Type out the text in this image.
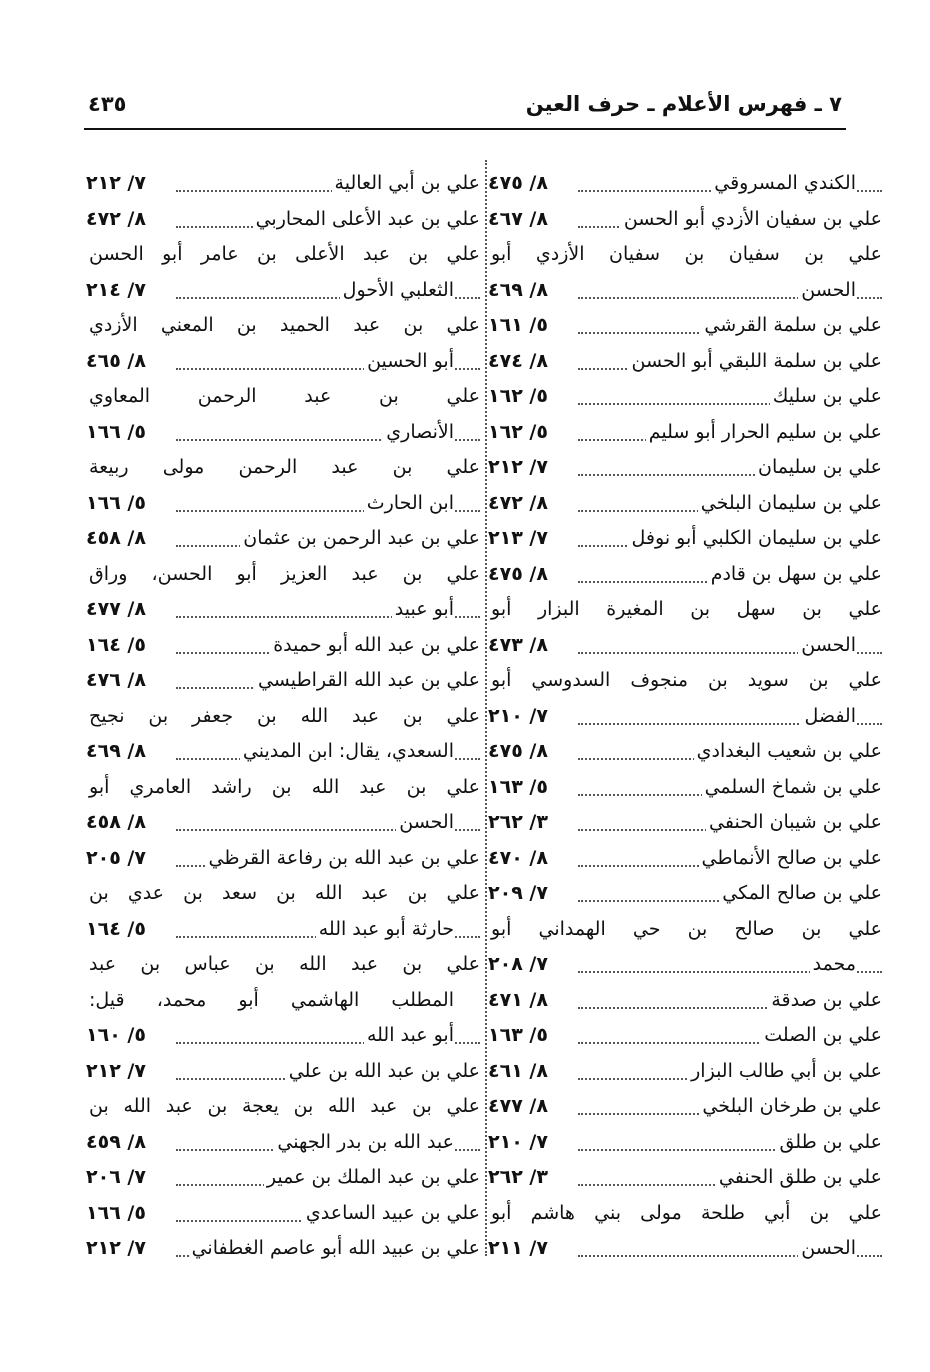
٧ ـ فهرس الأعلام ـ حرف العين
٤٣٥
الكندي المسروقي
٨/ ٤٧٥
علي بن سفيان الأزدي أبو الحسن
٨/ ٤٦٧
علي بن سفيان بن سفيان الأزدي أبو
الحسن
٨/ ٤٦٩
علي بن سلمة القرشي
٥/ ١٦١
علي بن سلمة اللبقي أبو الحسن
٨/ ٤٧٤
علي بن سليك
٥/ ١٦٢
علي بن سليم الحرار أبو سليم
٥/ ١٦٢
علي بن سليمان
٧/ ٢١٢
علي بن سليمان البلخي
٨/ ٤٧٢
علي بن سليمان الكلبي أبو نوفل
٧/ ٢١٣
علي بن سهل بن قادم
٨/ ٤٧٥
علي بن سهل بن المغيرة البزار أبو
الحسن
٨/ ٤٧٣
علي بن سويد بن منجوف السدوسي أبو
الفضل
٧/ ٢١٠
علي بن شعيب البغدادي
٨/ ٤٧٥
علي بن شماخ السلمي
٥/ ١٦٣
علي بن شيبان الحنفي
٣/ ٢٦٢
علي بن صالح الأنماطي
٨/ ٤٧٠
علي بن صالح المكي
٧/ ٢٠٩
علي بن صالح بن حي الهمداني أبو
محمد
٧/ ٢٠٨
علي بن صدقة
٨/ ٤٧١
علي بن الصلت
٥/ ١٦٣
علي بن أبي طالب البزار
٨/ ٤٦١
علي بن طرخان البلخي
٨/ ٤٧٧
علي بن طلق
٧/ ٢١٠
علي بن طلق الحنفي
٣/ ٢٦٢
علي بن أبي طلحة مولى بني هاشم أبو
الحسن
٧/ ٢١١
علي بن أبي العالية
٧/ ٢١٢
علي بن عبد الأعلى المحاربي
٨/ ٤٧٢
علي بن عبد الأعلى بن عامر أبو الحسن
الثعلبي الأحول
٧/ ٢١٤
علي بن عبد الحميد بن المعني الأزدي
أبو الحسين
٨/ ٤٦٥
علي بن عبد الرحمن المعاوي
الأنصاري
٥/ ١٦٦
علي بن عبد الرحمن مولى ربيعة
ابن الحارث
٥/ ١٦٦
علي بن عبد الرحمن بن عثمان
٨/ ٤٥٨
علي بن عبد العزيز أبو الحسن، وراق
أبو عبيد
٨/ ٤٧٧
علي بن عبد الله أبو حميدة
٥/ ١٦٤
علي بن عبد الله القراطيسي
٨/ ٤٧٦
علي بن عبد الله بن جعفر بن نجيح
السعدي، يقال: ابن المديني
٨/ ٤٦٩
علي بن عبد الله بن راشد العامري أبو
الحسن
٨/ ٤٥٨
علي بن عبد الله بن رفاعة القرظي
٧/ ٢٠٥
علي بن عبد الله بن سعد بن عدي بن
حارثة أبو عبد الله
٥/ ١٦٤
علي بن عبد الله بن عباس بن عبد
المطلب الهاشمي أبو محمد، قيل:
أبو عبد الله
٥/ ١٦٠
علي بن عبد الله بن علي
٧/ ٢١٢
علي بن عبد الله بن يعجة بن عبد الله بن
عبد الله بن بدر الجهني
٨/ ٤٥٩
علي بن عبد الملك بن عمير
٧/ ٢٠٦
علي بن عبيد الساعدي
٥/ ١٦٦
علي بن عبيد الله أبو عاصم الغطفاني
٧/ ٢١٢
